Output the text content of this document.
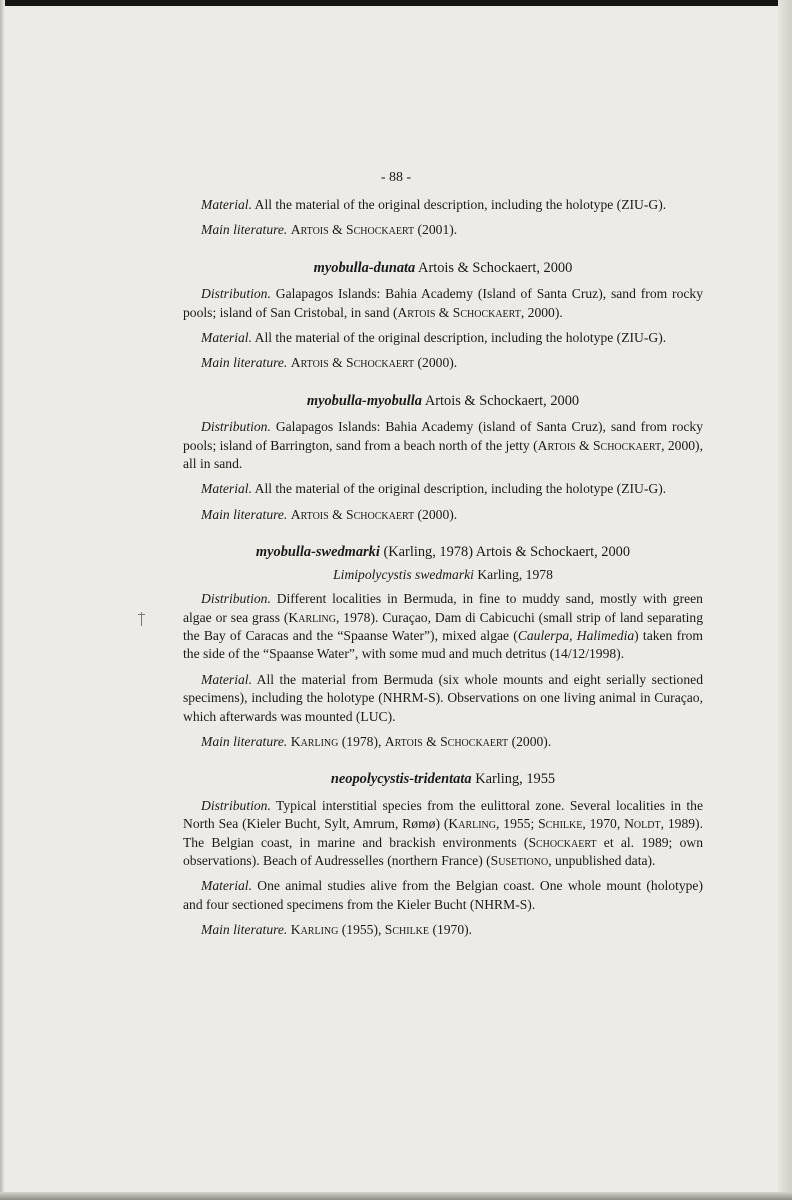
- 88 -

Material. All the material of the original description, including the holotype (ZIU-G).

Main literature. Artois & Schockaert (2001).

myobulla-dunata Artois & Schockaert, 2000

Distribution. Galapagos Islands: Bahia Academy (Island of Santa Cruz), sand from rocky pools; island of San Cristobal, in sand (Artois & Schockaert, 2000).

Material. All the material of the original description, including the holotype (ZIU-G).

Main literature. Artois & Schockaert (2000).

myobulla-myobulla Artois & Schockaert, 2000

Distribution. Galapagos Islands: Bahia Academy (island of Santa Cruz), sand from rocky pools; island of Barrington, sand from a beach north of the jetty (Artois & Schockaert, 2000), all in sand.

Material. All the material of the original description, including the holotype (ZIU-G).

Main literature. Artois & Schockaert (2000).

myobulla-swedmarki (Karling, 1978) Artois & Schockaert, 2000
Limipolycystis swedmarki Karling, 1978

Distribution. Different localities in Bermuda, in fine to muddy sand, mostly with green algae or sea grass (Karling, 1978). Curaçao, Dam di Cabicuchi (small strip of land separating the Bay of Caracas and the “Spaanse Water”), mixed algae (Caulerpa, Halimedia) taken from the side of the “Spaanse Water”, with some mud and much detritus (14/12/1998).

Material. All the material from Bermuda (six whole mounts and eight serially sectioned specimens), including the holotype (NHRM-S). Observations on one living animal in Curaçao, which afterwards was mounted (LUC).

Main literature. Karling (1978), Artois & Schockaert (2000).

neopolycystis-tridentata Karling, 1955

Distribution. Typical interstitial species from the eulittoral zone. Several localities in the North Sea (Kieler Bucht, Sylt, Amrum, Rømø) (Karling, 1955; Schilke, 1970, Noldt, 1989). The Belgian coast, in marine and brackish environments (Schockaert et al. 1989; own observations). Beach of Audresselles (northern France) (Susetiono, unpublished data).

Material. One animal studies alive from the Belgian coast. One whole mount (holotype) and four sectioned specimens from the Kieler Bucht (NHRM-S).

Main literature. Karling (1955), Schilke (1970).
